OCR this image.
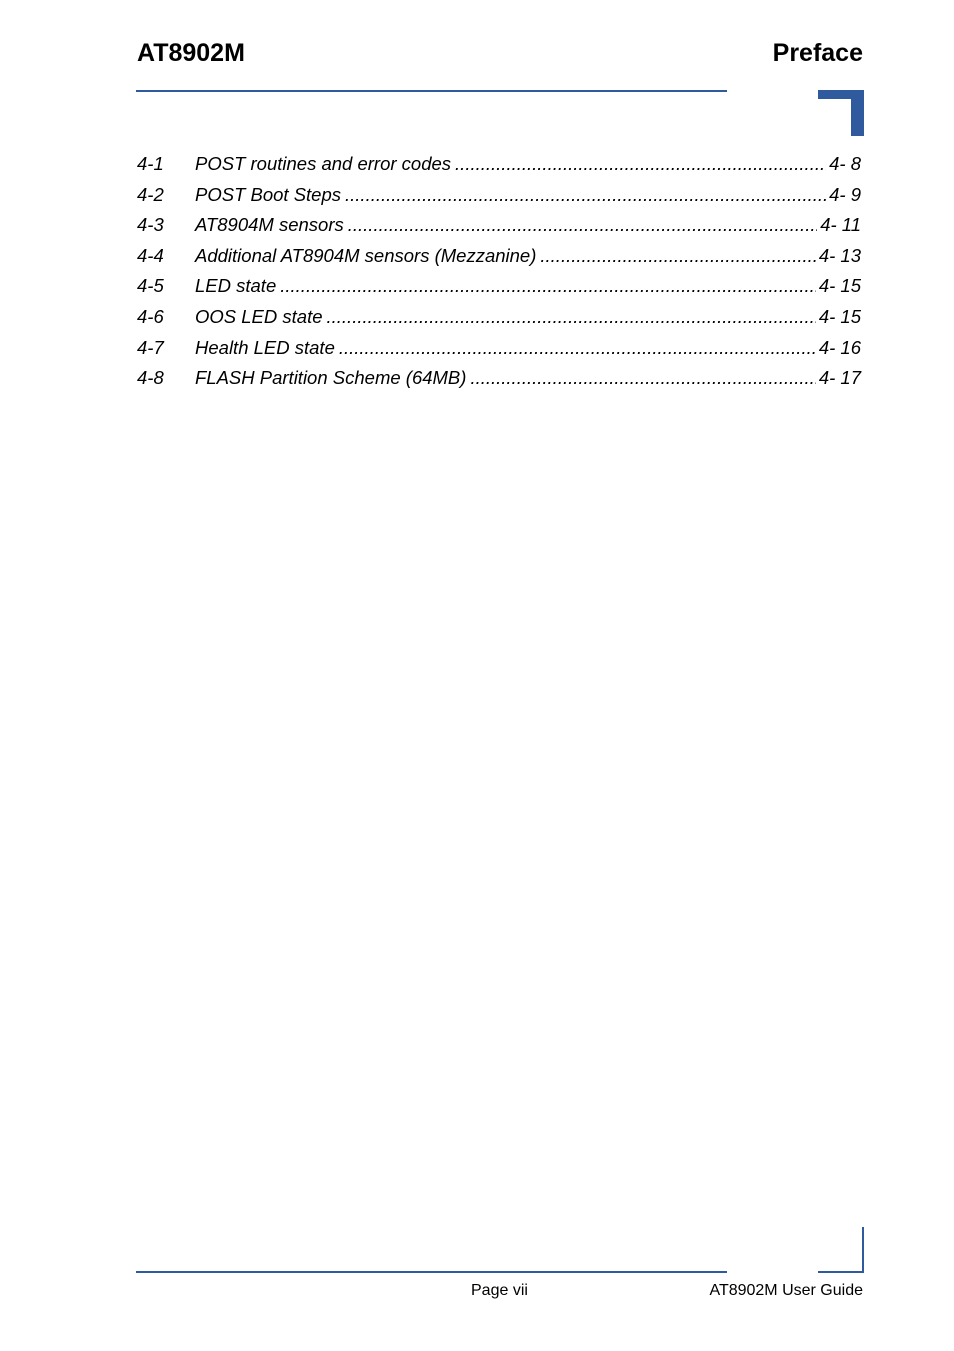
AT8902M	Preface
4-1	POST routines and error codes .....	4- 8
4-2	POST Boot Steps .....	4- 9
4-3	AT8904M sensors .....	4- 11
4-4	Additional AT8904M sensors (Mezzanine) .....	4- 13
4-5	LED state .....	4- 15
4-6	OOS LED state .....	4- 15
4-7	Health LED state .....	4- 16
4-8	FLASH Partition Scheme (64MB) .....	4- 17
Page vii	AT8902M User Guide
